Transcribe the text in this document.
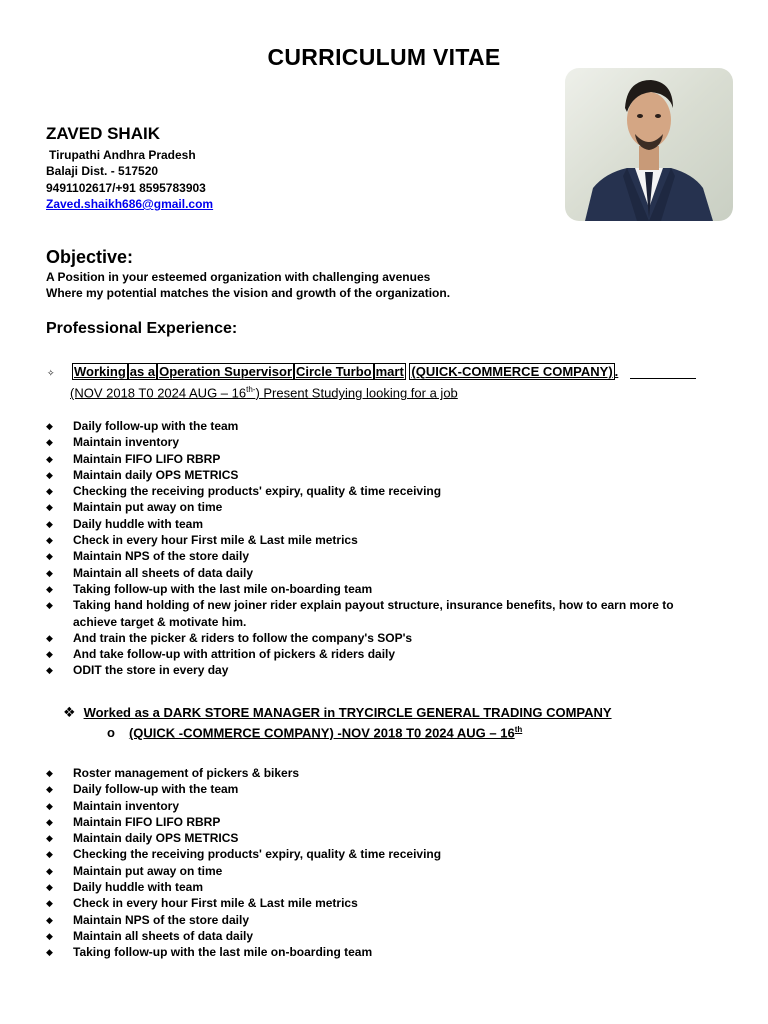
CURRICULUM VITAE
ZAVED SHAIK
Tirupathi Andhra Pradesh
Balaji Dist. - 517520
9491102617/+91 8595783903
Zaved.shaikh686@gmail.com
Objective:
A Position in your esteemed organization with challenging avenues
Where my potential matches the vision and growth of the organization.
Professional Experience:
✧ Working as a Operation Supervisor Circle Turbo mart (QUICK-COMMERCE COMPANY) .
(NOV 2018 T0 2024 AUG – $16^{th-}$) Present Studying looking for a job
◆ Daily follow-up with the team
◆ Maintain inventory
◆ Maintain FIFO LIFO RBRP
◆ Maintain daily OPS METRICS
◆ Checking the receiving products' expiry, quality & time receiving
◆ Maintain put away on time
◆ Daily huddle with team
◆ Check in every hour First mile & Last mile metrics
◆ Maintain NPS of the store daily
◆ Maintain all sheets of data daily
◆ Taking follow-up with the last mile on-boarding team
◆ Taking hand holding of new joiner rider explain payout structure, insurance benefits, how to earn more to achieve target & motivate him.
◆ And train the picker & riders to follow the company's SOP's
◆ And take follow-up with attrition of pickers & riders daily
◆ ODIT the store in every day
❖ Worked as a DARK STORE MANAGER in TRYCIRCLE GENERAL TRADING COMPANY
o (QUICK -COMMERCE COMPANY) -NOV 2018 T0 2024 AUG – 16th
◆ Roster management of pickers & bikers
◆ Daily follow-up with the team
◆ Maintain inventory
◆ Maintain FIFO LIFO RBRP
◆ Maintain daily OPS METRICS
◆ Checking the receiving products' expiry, quality & time receiving
◆ Maintain put away on time
◆ Daily huddle with team
◆ Check in every hour First mile & Last mile metrics
◆ Maintain NPS of the store daily
◆ Maintain all sheets of data daily
◆ Taking follow-up with the last mile on-boarding team
